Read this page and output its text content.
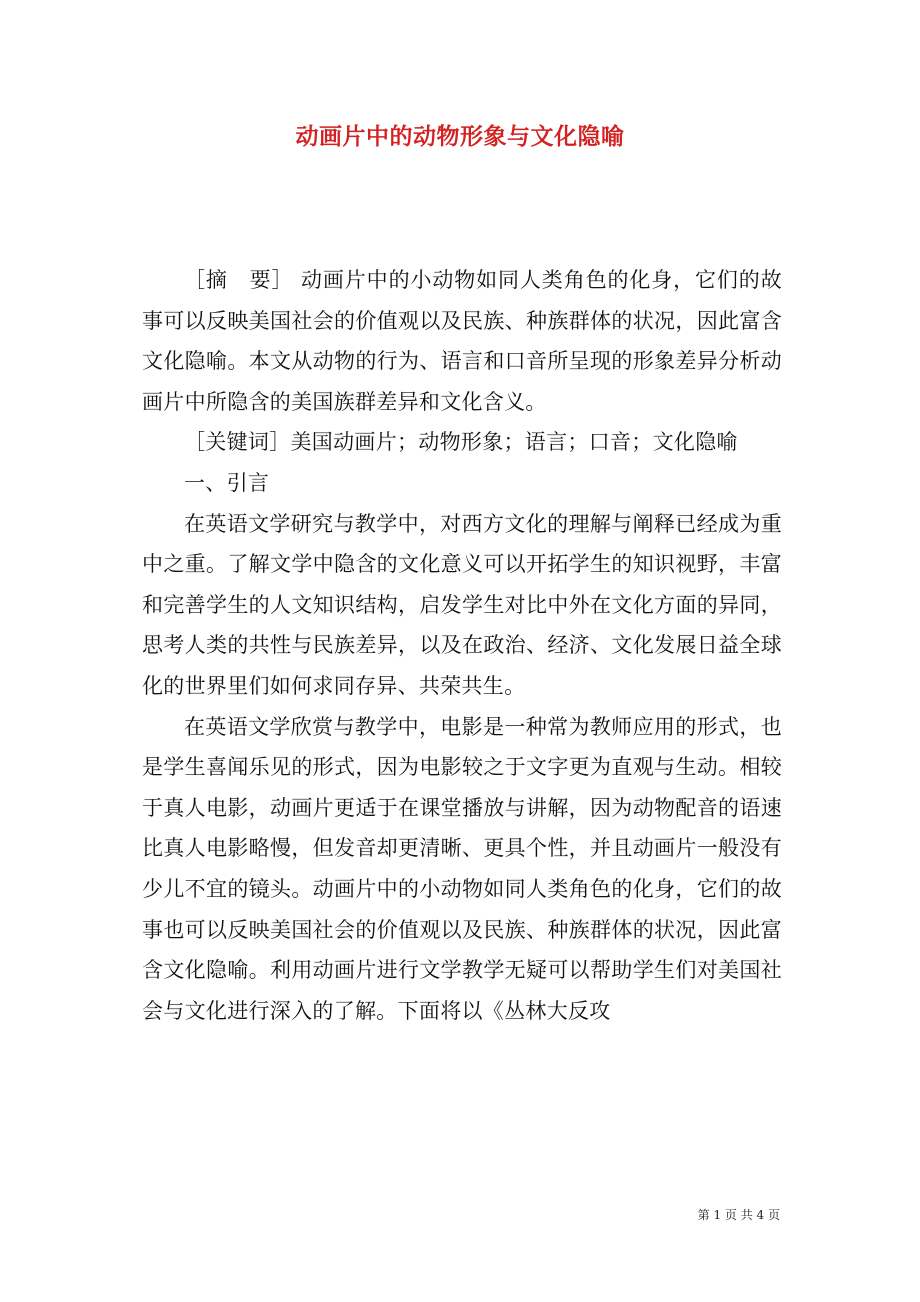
动画片中的动物形象与文化隐喻

［摘　要］ 动画片中的小动物如同人类角色的化身，它们的故事可以反映美国社会的价值观以及民族、种族群体的状况，因此富含文化隐喻。本文从动物的行为、语言和口音所呈现的形象差异分析动画片中所隐含的美国族群差异和文化含义。

［关键词］美国动画片；动物形象；语言；口音；文化隐喻

一、引言

在英语文学研究与教学中，对西方文化的理解与阐释已经成为重中之重。了解文学中隐含的文化意义可以开拓学生的知识视野，丰富和完善学生的人文知识结构，启发学生对比中外在文化方面的异同，思考人类的共性与民族差异，以及在政治、经济、文化发展日益全球化的世界里们如何求同存异、共荣共生。

在英语文学欣赏与教学中，电影是一种常为教师应用的形式，也是学生喜闻乐见的形式，因为电影较之于文字更为直观与生动。相较于真人电影，动画片更适于在课堂播放与讲解，因为动物配音的语速比真人电影略慢，但发音却更清晰、更具个性，并且动画片一般没有少儿不宜的镜头。动画片中的小动物如同人类角色的化身，它们的故事也可以反映美国社会的价值观以及民族、种族群体的状况，因此富含文化隐喻。利用动画片进行文学教学无疑可以帮助学生们对美国社会与文化进行深入的了解。下面将以《丛林大反攻

第 1 页 共 4 页
